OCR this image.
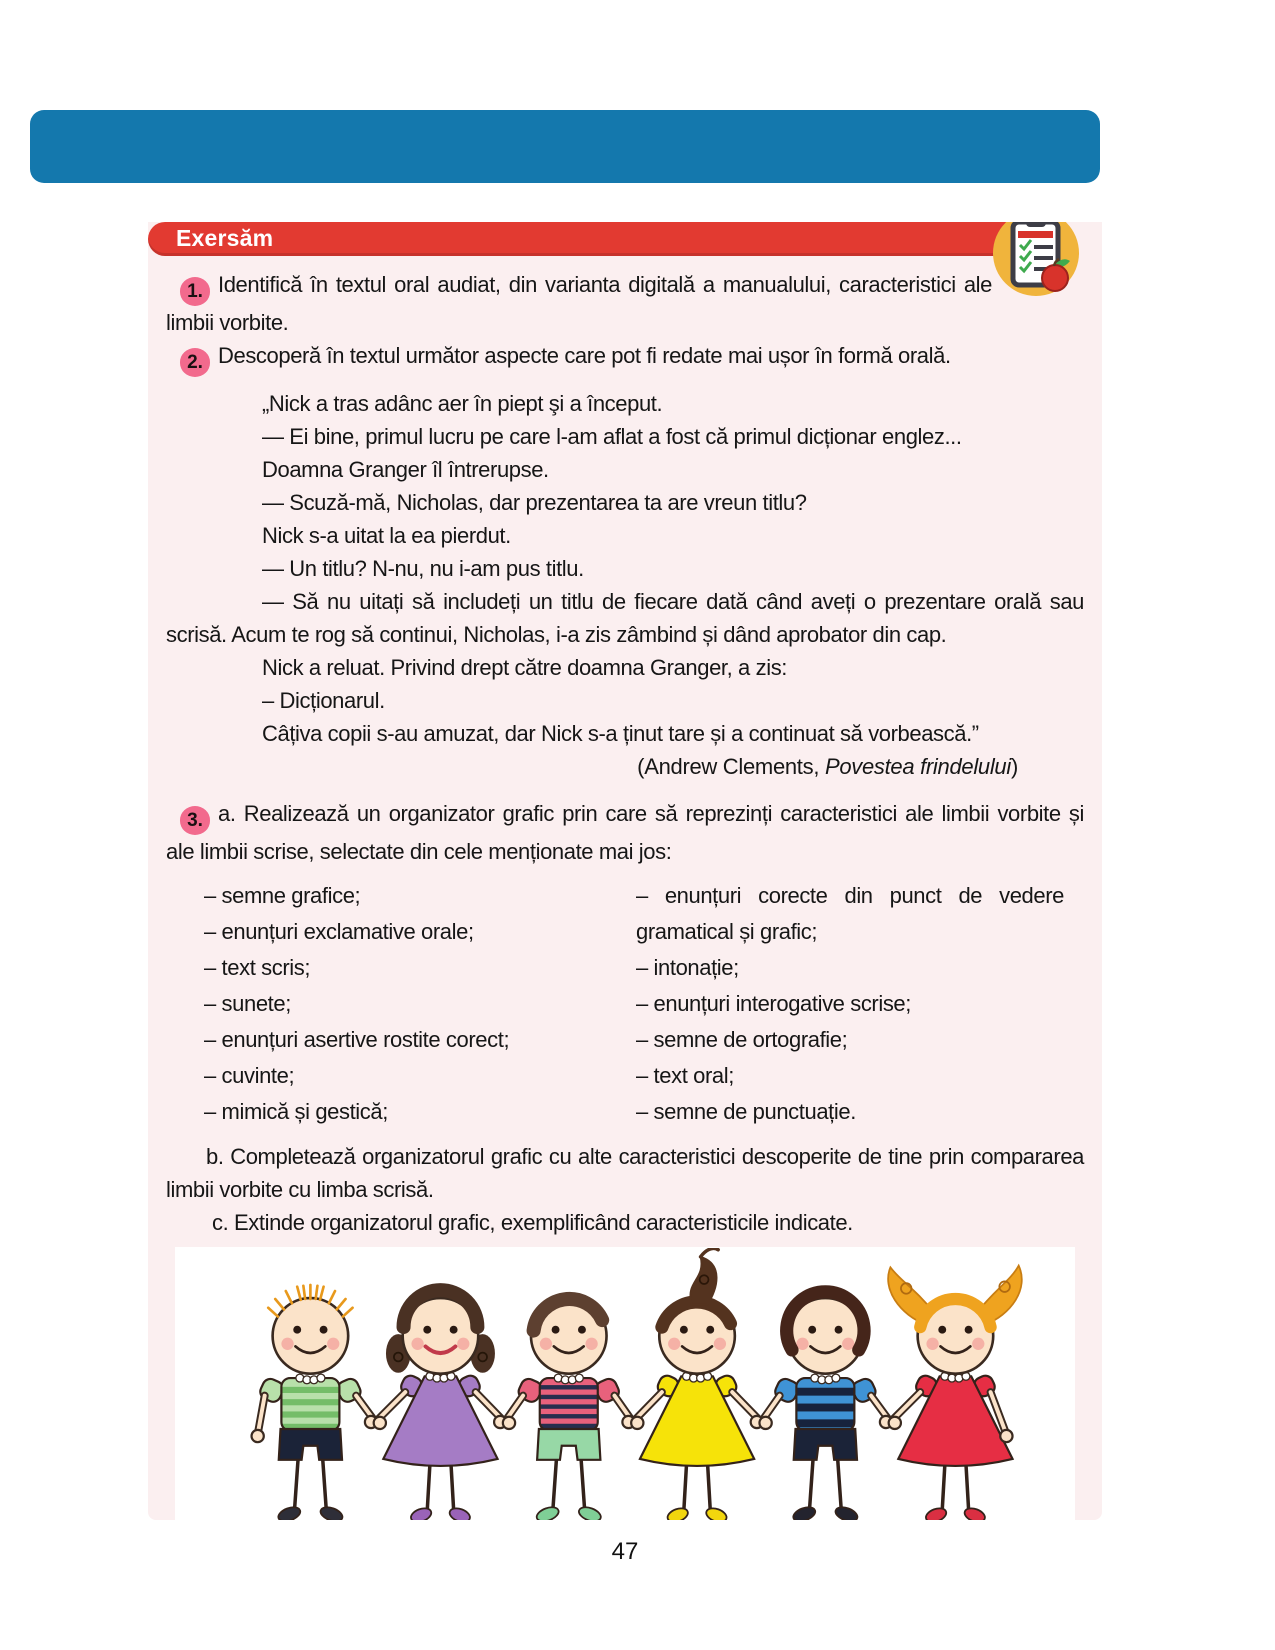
Exersăm

1. Identifică în textul oral audiat, din varianta digitală a manualului, caracteristici ale limbii vorbite.

2. Descoperă în textul următor aspecte care pot fi redate mai ușor în formă orală.

„Nick a tras adânc aer în piept şi a început.

— Ei bine, primul lucru pe care l-am aflat a fost că primul dicționar englez...

Doamna Granger îl întrerupse.

— Scuză-mă, Nicholas, dar prezentarea ta are vreun titlu?

Nick s-a uitat la ea pierdut.

— Un titlu? N-nu, nu i-am pus titlu.

— Să nu uitați să includeți un titlu de fiecare dată când aveți o prezentare orală sau scrisă. Acum te rog să continui, Nicholas, i-a zis zâmbind și dând aprobator din cap.

Nick a reluat. Privind drept către doamna Granger, a zis:

– Dicționarul.

Câțiva copii s-au amuzat, dar Nick s-a ținut tare și a continuat să vorbească.”

(Andrew Clements, Povestea frindelului)

3. a. Realizează un organizator grafic prin care să reprezinți caracteristici ale limbii vorbite și ale limbii scrise, selectate din cele menționate mai jos:

– semne grafice;
– enunțuri exclamative orale;
– text scris;
– sunete;
– enunțuri asertive rostite corect;
– cuvinte;
– mimică și gestică;
– enunțuri corecte din punct de vedere gramatical și grafic;
– intonație;
– enunțuri interogative scrise;
– semne de ortografie;
– text oral;
– semne de punctuație.

b. Completează organizatorul grafic cu alte caracteristici descoperite de tine prin compararea limbii vorbite cu limba scrisă.

c. Extinde organizatorul grafic, exemplificând caracteristicile indicate.

47
